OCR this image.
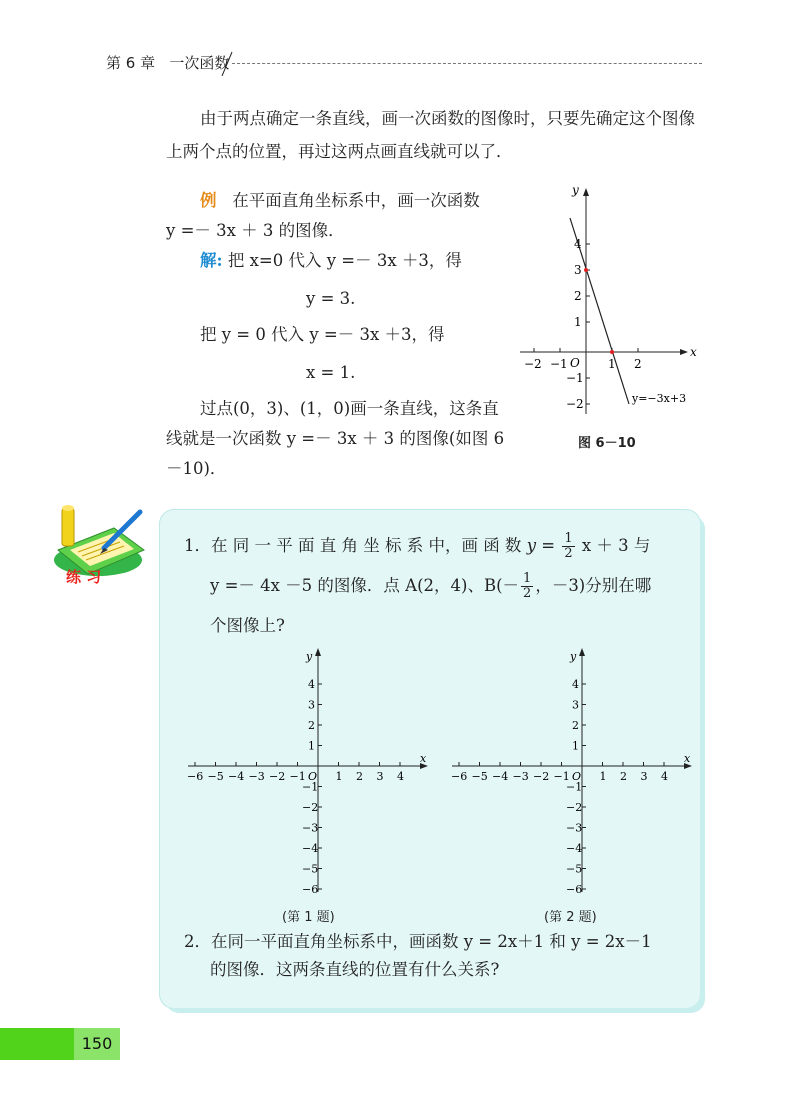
第 6 章 一次函数
由于两点确定一条直线，画一次函数的图像时，只要先确定这个图像上两个点的位置，再过这两点画直线就可以了．
例 在平面直角坐标系中，画一次函数
y =－ 3x ＋ 3 的图像．
解: 把 x=0 代入 y =－ 3x ＋3，得
y = 3.
把 y = 0 代入 y =－ 3x ＋3，得
x = 1.
过点(0，3)、(1，0)画一条直线，这条直线就是一次函数 y =－ 3x ＋ 3 的图像(如图 6－10)．
x
y
O
−2 −1	1 2
4
3
2
1
−1
−2	y=−3x+3
图 6－10
练 习
1．在 同 一 平 面 直 角 坐 标 系 中，画 函 数 $y = \frac{1}{2}$ x ＋ 3 与
y =－ 4x －5 的图像．点 A(2，4)、$B(- \frac{1}{2}$ ，－3)分别在哪
个图像上?
−6 −5 −4 −3 −2 −1	1 2 3 4
4
3
2
1
−1
−2
−3
−4
−5
−6
O
x
y
−6 −5 −4 −3 −2 −1	1 2 3 4
4
3
2
1
−1
−2
−3
−4
−5
−6
O
x
y
(第 1 题)	(第 2 题)
2．在同一平面直角坐标系中，画函数 y = 2x＋1 和 y = 2x－1
的图像．这两条直线的位置有什么关系?
150
